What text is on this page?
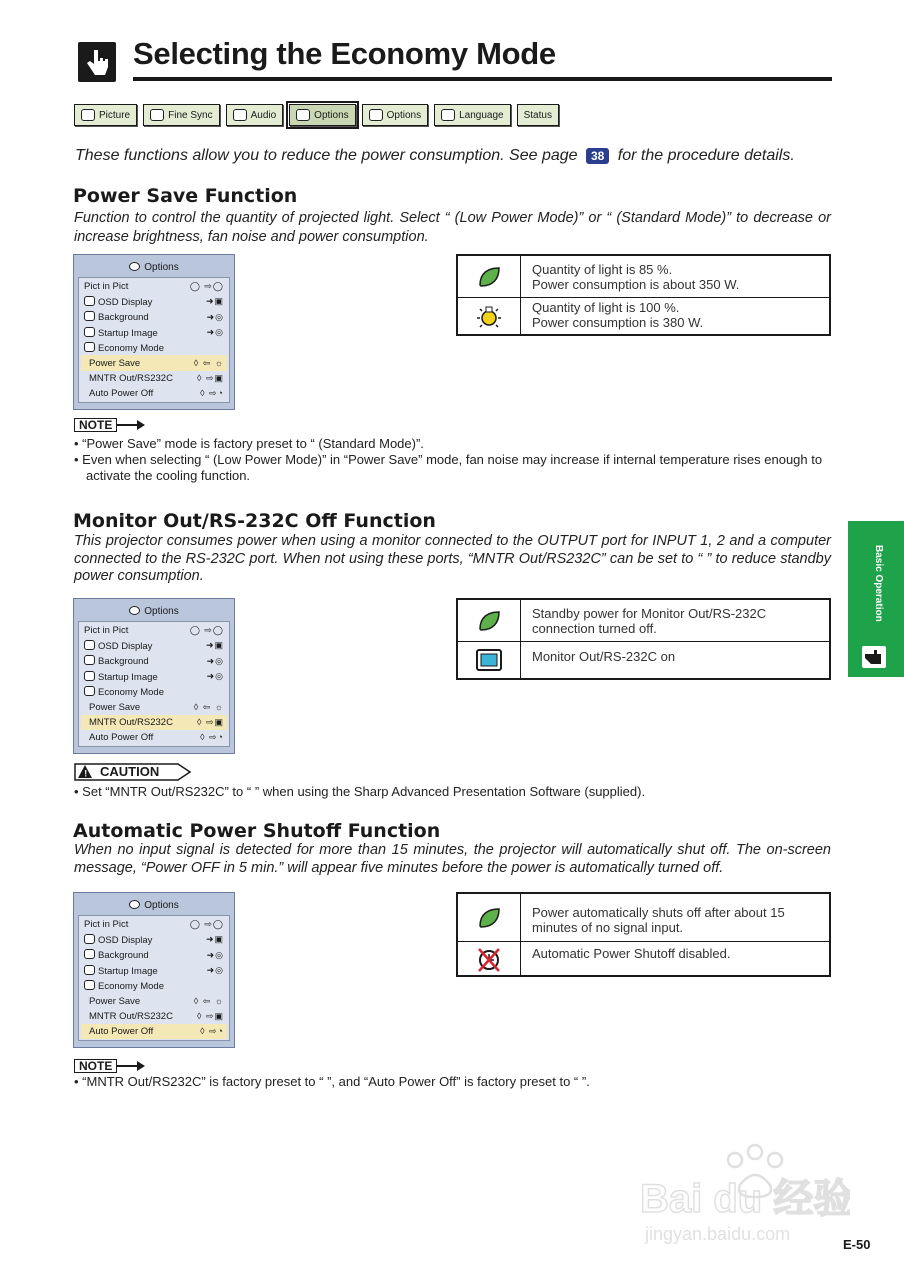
Selecting the Economy Mode
Picture	Fine Sync	Audio	Options	Options	Language Status
These functions allow you to reduce the power consumption. See page 38 for the procedure details.
Power Save Function
Function to control the quantity of projected light. Select “ (Low Power Mode)” or “ (Standard Mode)” to decrease or increase brightness, fan noise and power consumption.
Options
Pict in Pict	◯ ⇨◯
OSD Display	➜▣
Background	➜◎
Startup Image	➜◎
Economy Mode
Power Save	◊ ⇦ ☼
MNTR Out/RS232C	◊ ⇨▣
Auto Power Off	◊ ⇨◔
Quantity of light is 85 %.
Power consumption is about 350 W.
Quantity of light is 100 %.
Power consumption is 380 W.
NOTE
• “Power Save” mode is factory preset to “ (Standard Mode)”.
• Even when selecting “ (Low Power Mode)” in “Power Save” mode, fan noise may increase if internal temperature rises enough to activate the cooling function.
Monitor Out/RS-232C Off Function
This projector consumes power when using a monitor connected to the OUTPUT port for INPUT 1, 2 and a computer connected to the RS-232C port. When not using these ports, “MNTR Out/RS232C” can be set to “ ” to reduce standby power consumption.
Options
Pict in Pict	◯ ⇨◯
OSD Display	➜▣
Background	➜◎
Startup Image	➜◎
Economy Mode
Power Save	◊ ⇦ ☼
MNTR Out/RS232C	◊ ⇨▣
Auto Power Off	◊ ⇨◔
Standby power for Monitor Out/RS-232C
connection turned off.
Monitor Out/RS-232C on
! CAUTION
• Set “MNTR Out/RS232C” to “ ” when using the Sharp Advanced Presentation Software (supplied).
Automatic Power Shutoff Function
When no input signal is detected for more than 15 minutes, the projector will automatically shut off. The on-screen message, “Power OFF in 5 min.” will appear five minutes before the power is automatically turned off.
Options
Pict in Pict	◯ ⇨◯
OSD Display	➜▣
Background	➜◎
Startup Image	➜◎
Economy Mode
Power Save	◊ ⇦ ☼
MNTR Out/RS232C	◊ ⇨▣
Auto Power Off	◊ ⇨◔
Power automatically shuts off after about 15
minutes of no signal input.
Automatic Power Shutoff disabled.
NOTE
• “MNTR Out/RS232C” is factory preset to “ ”, and “Auto Power Off” is factory preset to “ ”.
Basic Operation
Bai du 经验
jingyan.baidu.com
E-50
